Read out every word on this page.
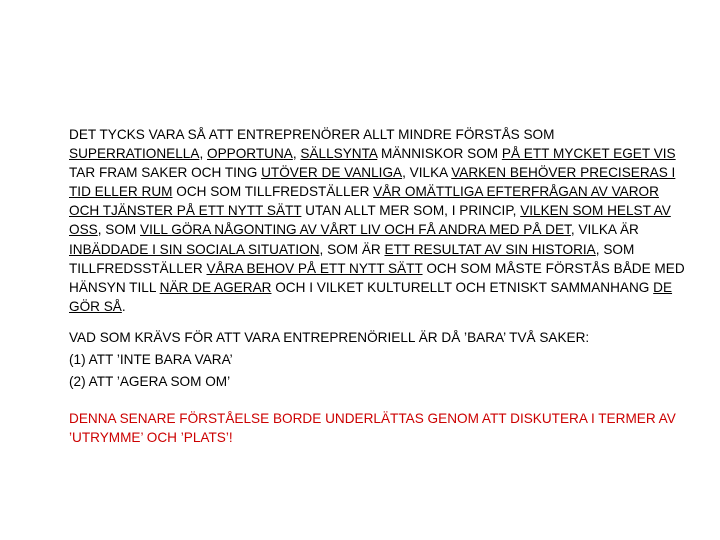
DET TYCKS VARA SÅ ATT ENTREPRENÖRER ALLT MINDRE FÖRSTÅS SOM SUPERRATIONELLA, OPPORTUNA, SÄLLSYNTA MÄNNISKOR SOM PÅ ETT MYCKET EGET VIS TAR FRAM SAKER OCH TING UTÖVER DE VANLIGA, VILKA VARKEN BEHÖVER PRECISERAS I TID ELLER RUM OCH SOM TILLFREDSTÄLLER VÅR OMÄTTLIGA EFTERFRÅGAN AV VAROR OCH TJÄNSTER PÅ ETT NYTT SÄTT UTAN ALLT MER SOM, I PRINCIP, VILKEN SOM HELST AV OSS, SOM VILL GÖRA NÅGONTING AV VÅRT LIV OCH FÅ ANDRA MED PÅ DET, VILKA ÄR INBÄDDADE I SIN SOCIALA SITUATION, SOM ÄR ETT RESULTAT AV SIN HISTORIA, SOM TILLFREDSSTÄLLER VÅRA BEHOV PÅ ETT NYTT SÄTT OCH SOM MÅSTE FÖRSTÅS BÅDE MED HÄNSYN TILL NÄR DE AGERAR OCH I VILKET KULTURELLT OCH ETNISKT SAMMANHANG DE GÖR SÅ.

VAD SOM KRÄVS FÖR ATT VARA ENTREPRENÖRIELL ÄR DÅ ’BARA’ TVÅ SAKER:
(1) ATT ’INTE BARA VARA’
(2) ATT ’AGERA SOM OM’

DENNA SENARE FÖRSTÅELSE BORDE UNDERLÄTTAS GENOM ATT DISKUTERA I TERMER AV ’UTRYMME’ OCH ’PLATS’!
